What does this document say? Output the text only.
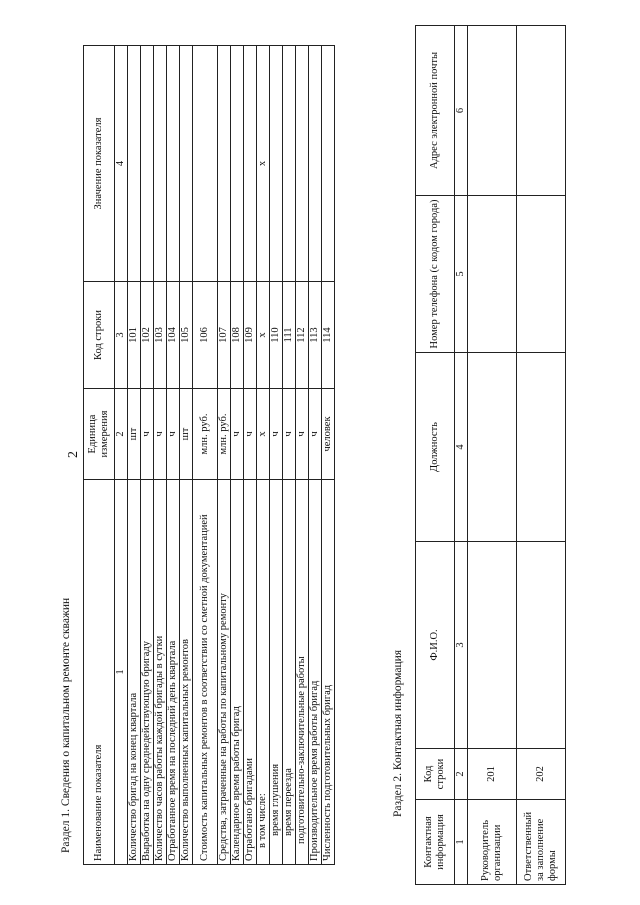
2
Раздел 1. Сведения о капитальном ремонте скважин Наименование показателя	Единица измерения	Код строки	Значение показателя
1	2	3	4
Количество бригад на конец квартала	шт	101	
Выработка на одну среднедействующую бригаду	ч	102	
Количество часов работы каждой бригады в сутки	ч	103	
Отработанное время на последний день квартала	ч	104	
Количество выполненных капитальных ремонтов	шт	105	
Стоимость капитальных ремонтов в соответствии со сметной документацией	млн. руб.	106	
Средства, затраченные на работы по капитальному ремонту	млн. руб.	107	
Календарное время работы бригад	ч	108	
Отработано бригадами	ч	109	
в том числе:	х	х	х
время глушения	ч	110	
время переезда	ч	111	
подготовительно-заключительные работы	ч	112	
Производительное время работы бригад	ч	113	
Численность подготовительных бригад	человек	114	
Раздел 2. Контактная информация
Контактная информация	Код строки	Ф.И.О.	Должность	Номер телефона (с кодом города)	Адрес электронной почты
1	2	3	4	5	6
Руководитель организации	201				
Ответственный за заполнение формы	202				
